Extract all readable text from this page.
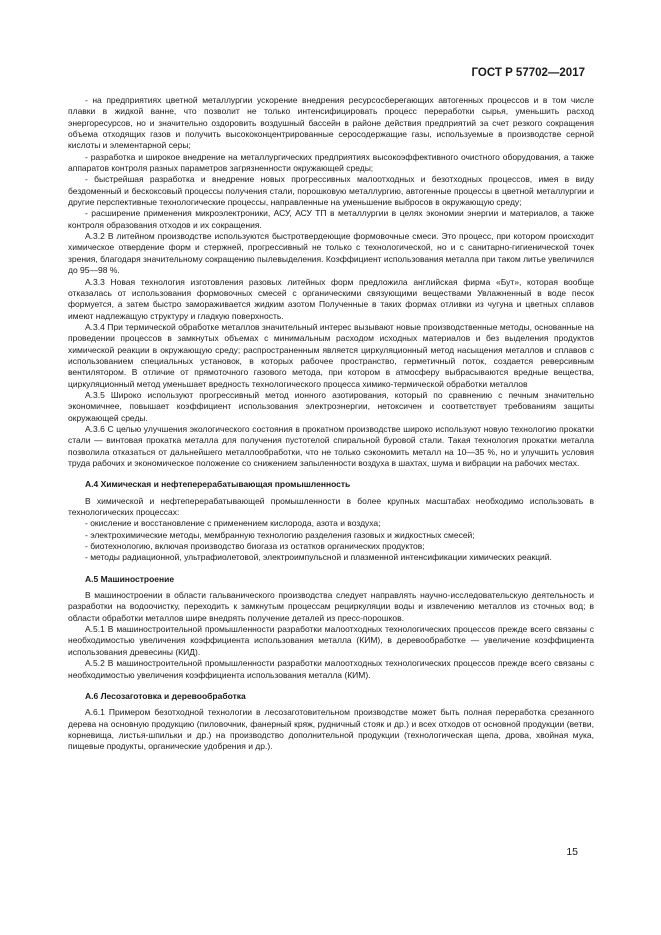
ГОСТ Р 57702—2017

- на предприятиях цветной металлургии ускорение внедрения ресурсосберегающих автогенных процессов и в том числе плавки в жидкой ванне, что позволит не только интенсифицировать процесс переработки сырья, уменьшить расход энергоресурсов, но и значительно оздоровить воздушный бассейн в районе действия предприятий за счет резкого сокращения объема отходящих газов и получить высококонцентрированные серосодержащие газы, используемые в производстве серной кислоты и элементарной серы;

- разработка и широкое внедрение на металлургических предприятиях высокоэффективного очистного оборудования, а также аппаратов контроля разных параметров загрязненности окружающей среды;

- быстрейшая разработка и внедрение новых прогрессивных малоотходных и безотходных процессов, имея в виду бездоменный и бескоксовый процессы получения стали, порошковую металлургию, автогенные процессы в цветной металлургии и другие перспективные технологические процессы, направленные на уменьшение выбросов в окружающую среду;

- расширение применения микроэлектроники, АСУ, АСУ ТП в металлургии в целях экономии энергии и материалов, а также контроля образования отходов и их сокращения.

А.3.2 В литейном производстве используются быстротвердеющие формовочные смеси. Это процесс, при котором происходит химическое отвердение форм и стержней, прогрессивный не только с технологической, но и с санитарно-гигиенической точек зрения, благодаря значительному сокращению пылевыделения. Коэффициент использования металла при таком литье увеличился до 95—98 %.

А.3.3 Новая технология изготовления разовых литейных форм предложила английская фирма «Бут», которая вообще отказалась от использования формовочных смесей с органическими связующими веществами Увлажненный в воде песок формуется, а затем быстро замораживается жидким азотом Полученные в таких формах отливки из чугуна и цветных сплавов имеют надлежащую структуру и гладкую поверхность.

А.3.4 При термической обработке металлов значительный интерес вызывают новые производственные методы, основанные на проведении процессов в замкнутых объемах с минимальным расходом исходных материалов и без выделения продуктов химической реакции в окружающую среду; распространенным является циркуляционный метод насыщения металлов и сплавов с использованием специальных установок, в которых рабочее пространство, герметичный поток, создается реверсивным вентилятором. В отличие от прямоточного газового метода, при котором в атмосферу выбрасываются вредные вещества, циркуляционный метод уменьшает вредность технологического процесса химико-термической обработки металлов

А.3.5 Широко используют прогрессивный метод ионного азотирования, который по сравнению с печным значительно экономичнее, повышает коэффициент использования электроэнергии, нетоксичен и соответствует требованиям защиты окружающей среды.

А.3.6 С целью улучшения экологического состояния в прокатном производстве широко используют новую технологию прокатки стали — винтовая прокатка металла для получения пустотелой спиральной буровой стали. Такая технология прокатки металла позволила отказаться от дальнейшего металлообработки, что не только сэкономить металл на 10—35 %, но и улучшить условия труда рабочих и экономическое положение со снижением запыленности воздуха в шахтах, шума и вибрации на рабочих местах.

А.4 Химическая и нефтеперерабатывающая промышленность

В химической и нефтеперерабатывающей промышленности в более крупных масштабах необходимо использовать в технологических процессах:

- окисление и восстановление с применением кислорода, азота и воздуха;

- электрохимические методы, мембранную технологию разделения газовых и жидкостных смесей;

- биотехнологию, включая производство биогаза из остатков органических продуктов;

- методы радиационной, ультрафиолетовой, электроимпульсной и плазменной интенсификации химических реакций.

А.5 Машиностроение

В машиностроении в области гальванического производства следует направлять научно-исследовательскую деятельность и разработки на водоочистку, переходить к замкнутым процессам рециркуляции воды и извлечению металлов из сточных вод; в области обработки металлов шире внедрять получение деталей из пресс-порошков.

А.5.1 В машиностроительной промышленности разработки малоотходных технологических процессов прежде всего связаны с необходимостью увеличения коэффициента использования металла (КИМ), в деревообработке — увеличение коэффициента использования древесины (КИД).

А.5.2 В машиностроительной промышленности разработки малоотходных технологических процессов прежде всего связаны с необходимостью увеличения коэффициента использования металла (КИМ).

А.6 Лесозаготовка и деревообработка

А.6.1 Примером безотходной технологии в лесозаготовительном производстве может быть полная переработка срезанного дерева на основную продукцию (пиловочник, фанерный кряж, рудничный стояк и др.) и всех отходов от основной продукции (ветви, корневища, листья-шпильки и др.) на производство дополнительной продукции (технологическая щепа, дрова, хвойная мука, пищевые продукты, органические удобрения и др.).

15
